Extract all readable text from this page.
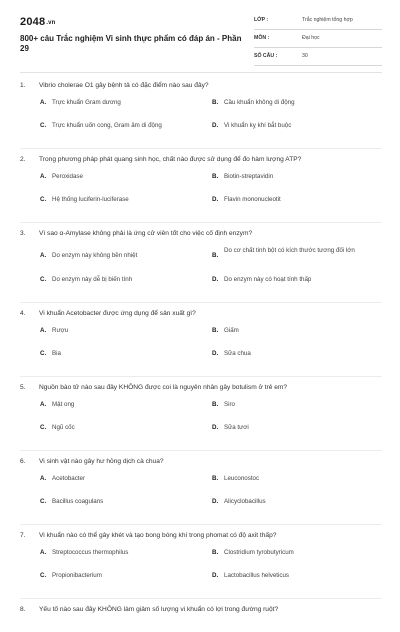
2048.vn
800+ câu Trắc nghiệm Vi sinh thực phẩm có đáp án - Phần 29
LỚP :	Trắc nghiệm tổng hợp
MÔN :	Đại học
SỐ CÂU :	30
1. Vibrio cholerae O1 gây bệnh tả có đặc điểm nào sau đây?
A. Trực khuẩn Gram dương	B. Cầu khuẩn không di động
C. Trực khuẩn uốn cong, Gram âm di động	D. Vi khuẩn kỵ khí bắt buộc
2. Trong phương pháp phát quang sinh học, chất nào được sử dụng để đo hàm lượng ATP?
A. Peroxidase	B. Biotin-streptavidin
C. Hệ thống luciferin-luciferase	D. Flavin mononucleotit
3. Vì sao α-Amylase không phải là ứng cử viên tốt cho việc cố định enzym?
A. Do enzym này không bền nhiệt	B.
Do cơ chất tinh bột có kích thước tương đối lớn
C. Do enzym này dễ bị biến tính	D. Do enzym này có hoạt tính thấp
4. Vi khuẩn Acetobacter được ứng dụng để sản xuất gì?
A. Rượu	B. Giấm
C. Bia	D. Sữa chua
5. Nguồn bào tử nào sau đây KHÔNG được coi là nguyên nhân gây botulism ở trẻ em?
A. Mật ong	B. Siro
C. Ngũ cốc	D. Sữa tươi
6. Vi sinh vật nào gây hư hỏng dịch cà chua?
A. Acetobacter	B. Leuconostoc
C. Bacillus coagulans	D. Alicyclobacillus
7. Vi khuẩn nào có thể gây khét và tạo bong bóng khí trong phomat có độ axit thấp?
A. Streptococcus thermophilus	B. Clostridium tyrobutyricum
C. Propionibacterium	D. Lactobacillus helveticus
8. Yếu tố nào sau đây KHÔNG làm giảm số lượng vi khuẩn có lợi trong đường ruột?
